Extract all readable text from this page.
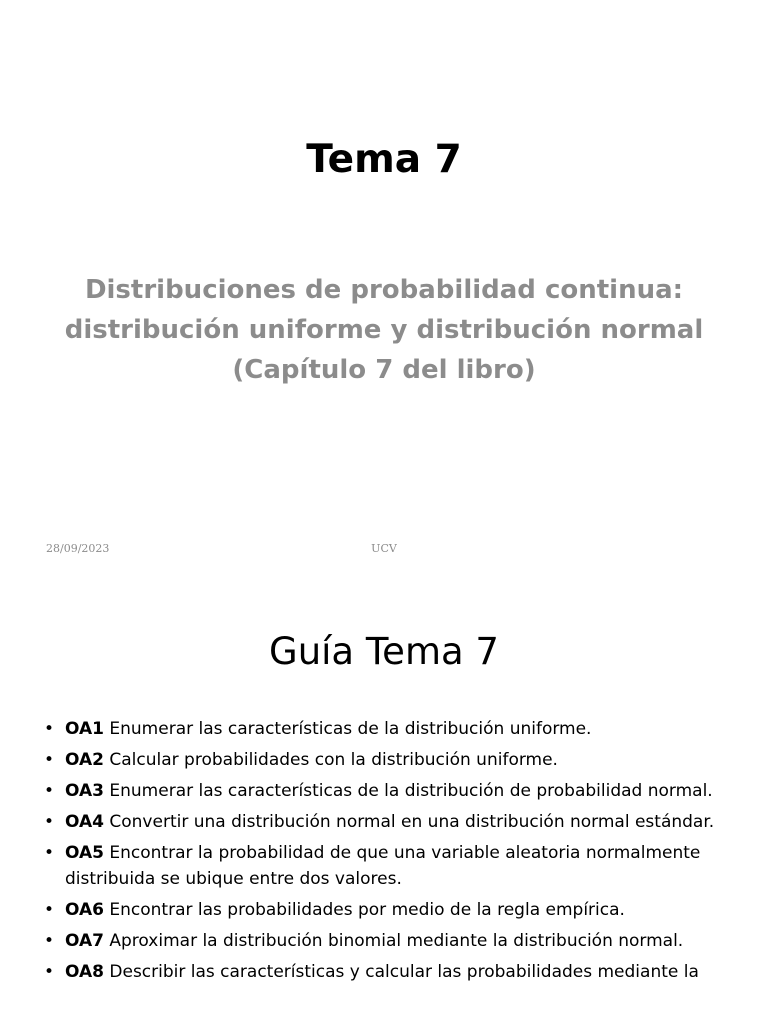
Tema 7
Distribuciones de probabilidad continua:
distribución uniforme y distribución normal
(Capítulo 7 del libro)
28/09/2023	UCV
Guía Tema 7
• OA1 Enumerar las características de la distribución uniforme.
• OA2 Calcular probabilidades con la distribución uniforme.
• OA3 Enumerar las características de la distribución de probabilidad normal.
• OA4 Convertir una distribución normal en una distribución normal estándar.
• OA5 Encontrar la probabilidad de que una variable aleatoria normalmente distribuida se ubique entre dos valores.
• OA6 Encontrar las probabilidades por medio de la regla empírica.
• OA7 Aproximar la distribución binomial mediante la distribución normal.
• OA8 Describir las características y calcular las probabilidades mediante la
